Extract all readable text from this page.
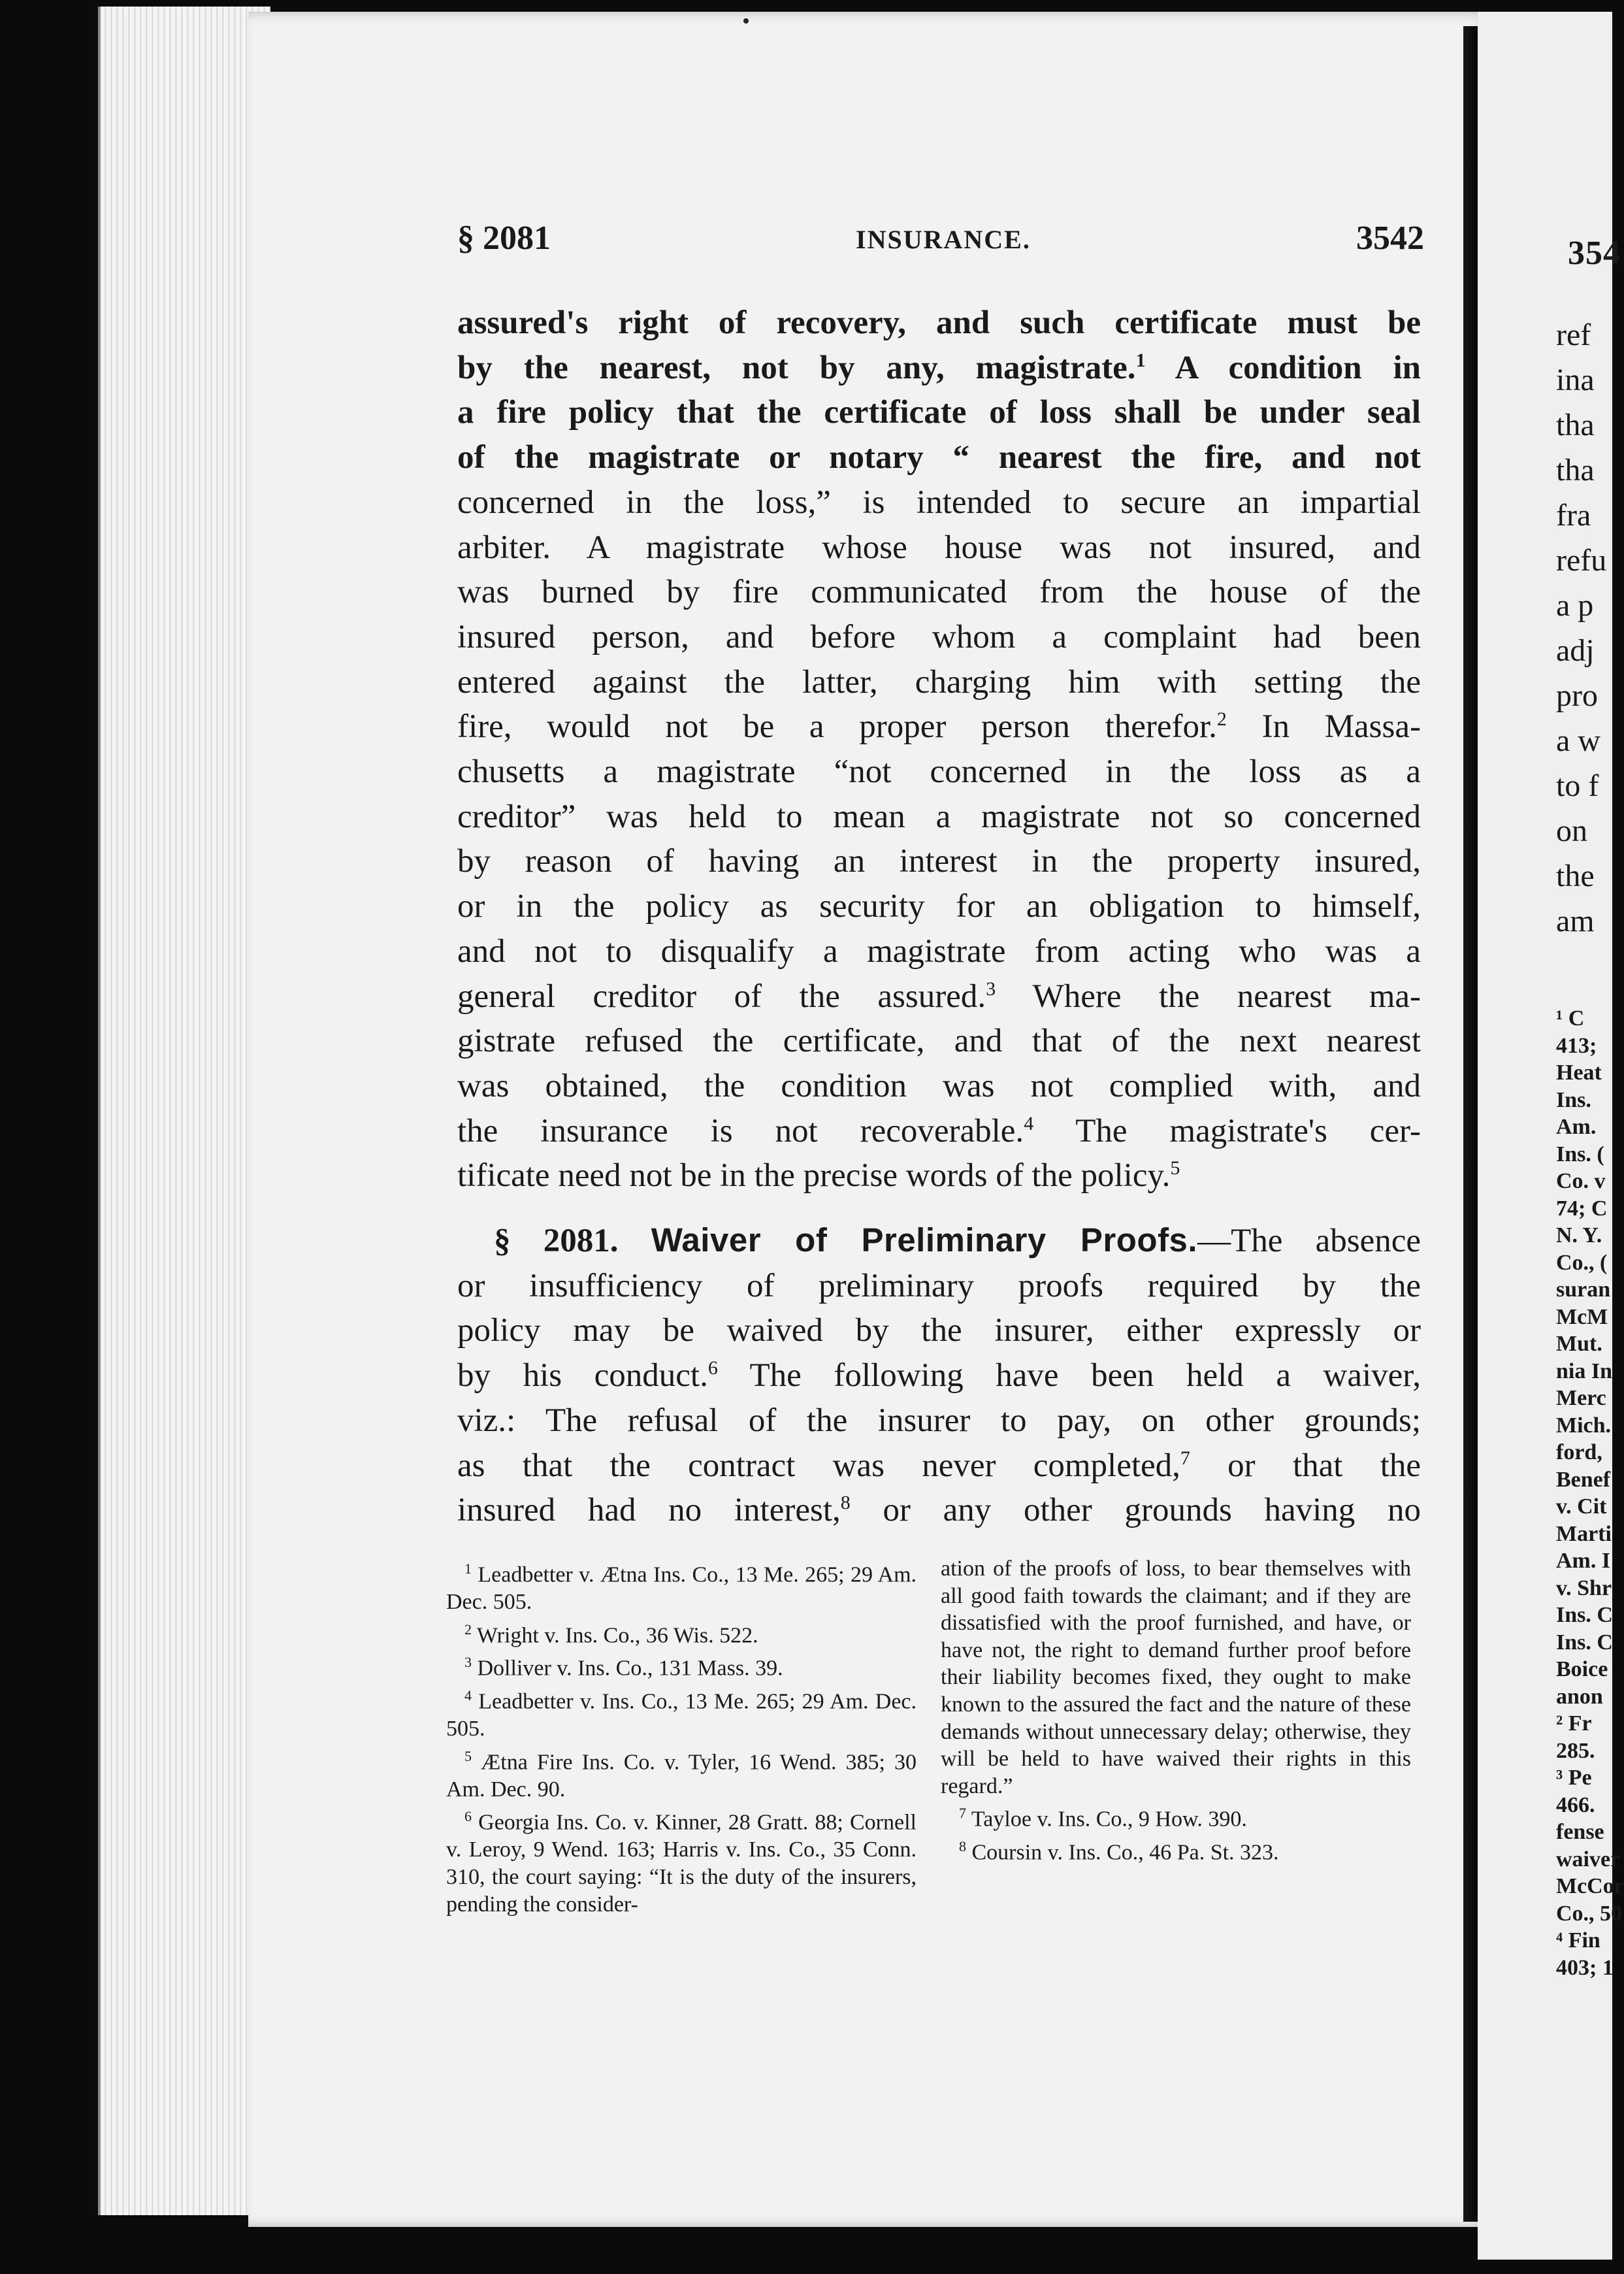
354
ref
ina
tha
tha
fra
refu
a p
adj
pro
a w
to f
on
the
am
¹ C
413;
Heat
Ins.
Am.
Ins. (
Co. v
74; C
N. Y.
Co., (
suran
McM
Mut.
nia In
Merc
Mich.
ford,
Benef
v. Cit
Marti
Am. I
v. Shr
Ins. C
Ins. C
Boice
anon
² Fr
285.
³ Pe
466.
fense
waiver
McCor
Co., 50
⁴ Fin
403; 1
§ 2081	INSURANCE.	3542
assured's right of recovery, and such certificate must be
by the nearest, not by any, magistrate.$^1$ A condition in
a fire policy that the certificate of loss shall be under seal
of the magistrate or notary “ nearest the fire, and not
concerned in the loss,” is intended to secure an impartial
arbiter. A magistrate whose house was not insured, and
was burned by fire communicated from the house of the
insured person, and before whom a complaint had been
entered against the latter, charging him with setting the
fire, would not be a proper person therefor.$^2$ In Massa-
chusetts a magistrate “not concerned in the loss as a
creditor” was held to mean a magistrate not so concerned
by reason of having an interest in the property insured,
or in the policy as security for an obligation to himself,
and not to disqualify a magistrate from acting who was a
general creditor of the assured.$^3$ Where the nearest ma-
gistrate refused the certificate, and that of the next nearest
was obtained, the condition was not complied with, and
the insurance is not recoverable.$^4$ The magistrate's cer-
tificate need not be in the precise words of the policy.$^5$
§ 2081. Waiver of Preliminary Proofs.—The absence
or insufficiency of preliminary proofs required by the
policy may be waived by the insurer, either expressly or
by his conduct.$^6$ The following have been held a waiver,
viz.: The refusal of the insurer to pay, on other grounds;
as that the contract was never completed,$^7$ or that the
insured had no interest,$^8$ or any other grounds having no
$^1$ Leadbetter v. Ætna Ins. Co., 13 Me. 265; 29 Am. Dec. 505.
$^2$ Wright v. Ins. Co., 36 Wis. 522.
$^3$ Dolliver v. Ins. Co., 131 Mass. 39.
$^4$ Leadbetter v. Ins. Co., 13 Me. 265; 29 Am. Dec. 505.
$^5$ Ætna Fire Ins. Co. v. Tyler, 16 Wend. 385; 30 Am. Dec. 90.
$^6$ Georgia Ins. Co. v. Kinner, 28 Gratt. 88; Cornell v. Leroy, 9 Wend. 163; Harris v. Ins. Co., 35 Conn. 310, the court saying: “It is the duty of the insurers, pending the consider-
ation of the proofs of loss, to bear themselves with all good faith towards the claimant; and if they are dissatisfied with the proof furnished, and have, or have not, the right to demand further proof before their liability becomes fixed, they ought to make known to the assured the fact and the nature of these demands without unnecessary delay; otherwise, they will be held to have waived their rights in this regard.”
$^7$ Tayloe v. Ins. Co., 9 How. 390.
$^8$ Coursin v. Ins. Co., 46 Pa. St. 323.
